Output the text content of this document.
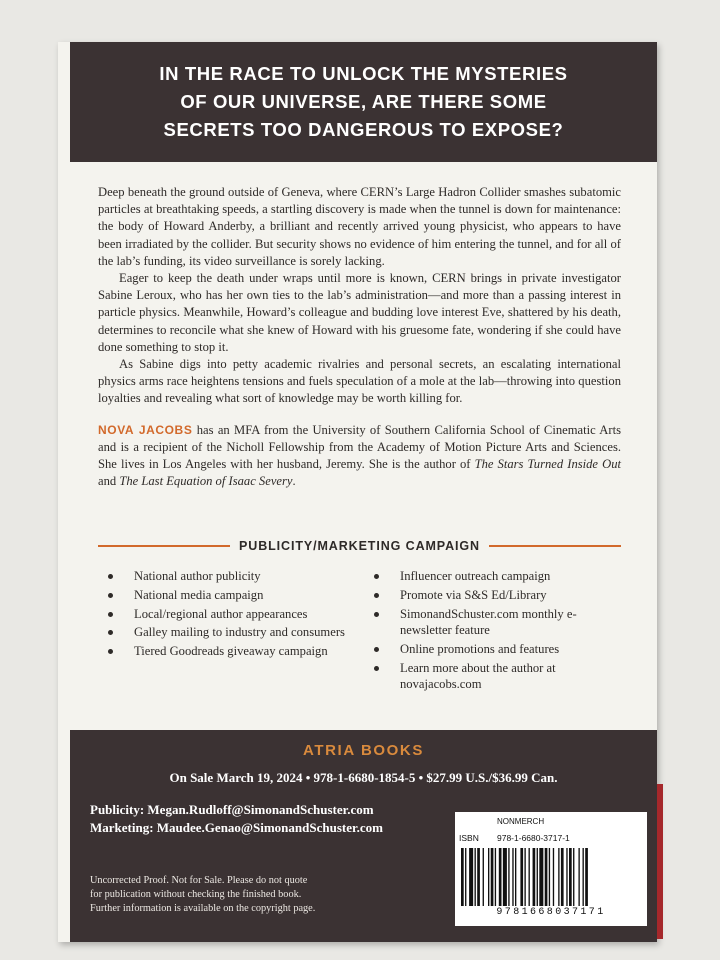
IN THE RACE TO UNLOCK THE MYSTERIES
OF OUR UNIVERSE, ARE THERE SOME
SECRETS TOO DANGEROUS TO EXPOSE?

Deep beneath the ground outside of Geneva, where CERN’s Large Hadron Collider smashes subatomic particles at breathtaking speeds, a startling discovery is made when the tunnel is down for maintenance: the body of Howard Anderby, a brilliant and recently arrived young physicist, who appears to have been irradiated by the collider. But security shows no evidence of him entering the tunnel, and for all of the lab’s funding, its video surveillance is sorely lacking.

Eager to keep the death under wraps until more is known, CERN brings in private investigator Sabine Leroux, who has her own ties to the lab’s administration—and more than a passing interest in particle physics. Meanwhile, Howard’s colleague and budding love interest Eve, shattered by his death, determines to reconcile what she knew of Howard with his gruesome fate, wondering if she could have done something to stop it.

As Sabine digs into petty academic rivalries and personal secrets, an escalating international physics arms race heightens tensions and fuels speculation of a mole at the lab—throwing into question loyalties and revealing what sort of knowledge may be worth killing for.

NOVA JACOBS has an MFA from the University of Southern California School of Cinematic Arts and is a recipient of the Nicholl Fellowship from the Academy of Motion Picture Arts and Sciences. She lives in Los Angeles with her husband, Jeremy. She is the author of The Stars Turned Inside Out and The Last Equation of Isaac Severy.

PUBLICITY/MARKETING CAMPAIGN
National author publicity
National media campaign
Local/regional author appearances
Galley mailing to industry and consumers
Tiered Goodreads giveaway campaign
Influencer outreach campaign
Promote via S&S Ed/Library
SimonandSchuster.com monthly e-newsletter feature
Online promotions and features
Learn more about the author at novajacobs.com
ATRIA BOOKS
On Sale March 19, 2024 • 978-1-6680-1854-5 • $27.99 U.S./$36.99 Can.
Publicity: Megan.Rudloff@SimonandSchuster.com
Marketing: Maudee.Genao@SimonandSchuster.com
Uncorrected Proof. Not for Sale. Please do not quote for publication without checking the finished book. Further information is available on the copyright page.
NONMERCH
ISBN 978-1-6680-3717-1
9781668037171
